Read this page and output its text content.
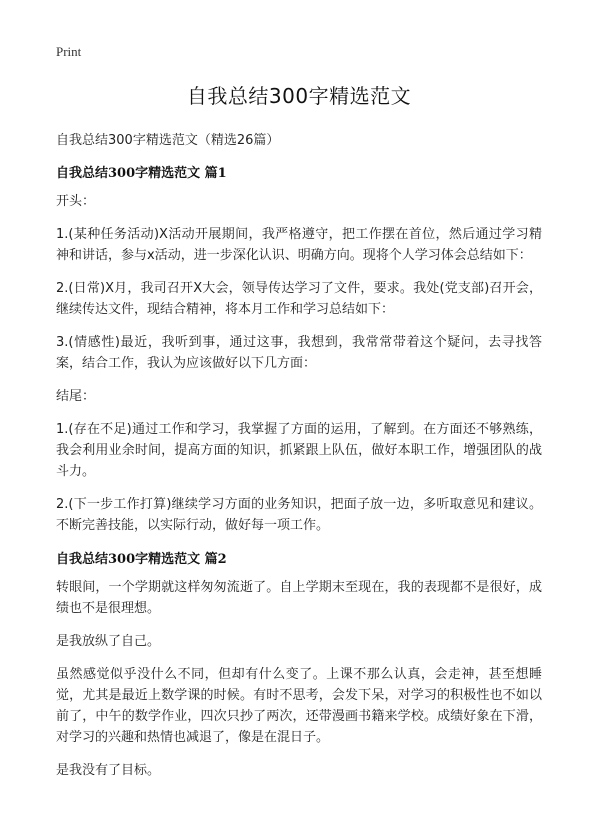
Print
自我总结300字精选范文
自我总结300字精选范文（精选26篇）
自我总结300字精选范文 篇1

开头：

1.(某种任务活动)X活动开展期间，我严格遵守，把工作摆在首位，然后通过学习精神和讲话，参与x活动，进一步深化认识、明确方向。现将个人学习体会总结如下：

2.(日常)X月，我司召开X大会，领导传达学习了文件，要求。我处(党支部)召开会，继续传达文件，现结合精神，将本月工作和学习总结如下：

3.(情感性)最近，我听到事，通过这事，我想到，我常常带着这个疑问，去寻找答案，结合工作，我认为应该做好以下几方面：

结尾：

1.(存在不足)通过工作和学习，我掌握了方面的运用，了解到。在方面还不够熟练，我会利用业余时间，提高方面的知识，抓紧跟上队伍，做好本职工作，增强团队的战斗力。

2.(下一步工作打算)继续学习方面的业务知识，把面子放一边，多听取意见和建议。不断完善技能，以实际行动，做好每一项工作。

自我总结300字精选范文 篇2

转眼间，一个学期就这样匆匆流逝了。自上学期末至现在，我的表现都不是很好，成绩也不是很理想。

是我放纵了自己。

虽然感觉似乎没什么不同，但却有什么变了。上课不那么认真，会走神，甚至想睡觉，尤其是最近上数学课的时候。有时不思考，会发下呆，对学习的积极性也不如以前了，中午的数学作业，四次只抄了两次，还带漫画书籍来学校。成绩好象在下滑，对学习的兴趣和热情也减退了，像是在混日子。

是我没有了目标。
